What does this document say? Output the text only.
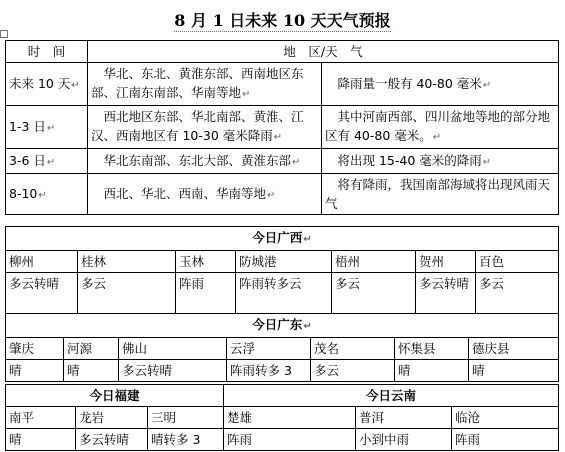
8 月 1 日未来 10 天天气预报
时　间	地　区/天　气	
未来 10 天↵	　华北、东北、黄淮东部、西南地区东部、江南东南部、华南等地↵	　降雨量一般有 40-80 毫米↵
1-3 日↵	　西北地区东部、华北南部、黄淮、江汉、西南地区有 10-30 毫米降雨↵	　其中河南西部、四川盆地等地的部分地区有 40-80 毫米。↵
3-6 日↵	　华北东南部、东北大部、黄淮东部↵	　将出现 15-40 毫米的降雨↵
8-10↵	　西北、华北、西南、华南等地↵	　将有降雨，我国南部海域将出现风雨天气
今日广西↵						
柳州	桂林	玉林	防城港	梧州	贺州	百色
多云转晴	多云	阵雨	阵雨转多云	多云	多云转晴	多云
今日广东↵						
肇庆	河源	佛山	云浮	茂名	怀集县	德庆县
晴	晴	多云转晴	阵雨转多 3	多云	晴	晴
今日福建		
南平	龙岩	三明
晴	多云转晴	晴转多 3
今日云南		
楚雄	普洱	临沧
阵雨	小到中雨	阵雨
